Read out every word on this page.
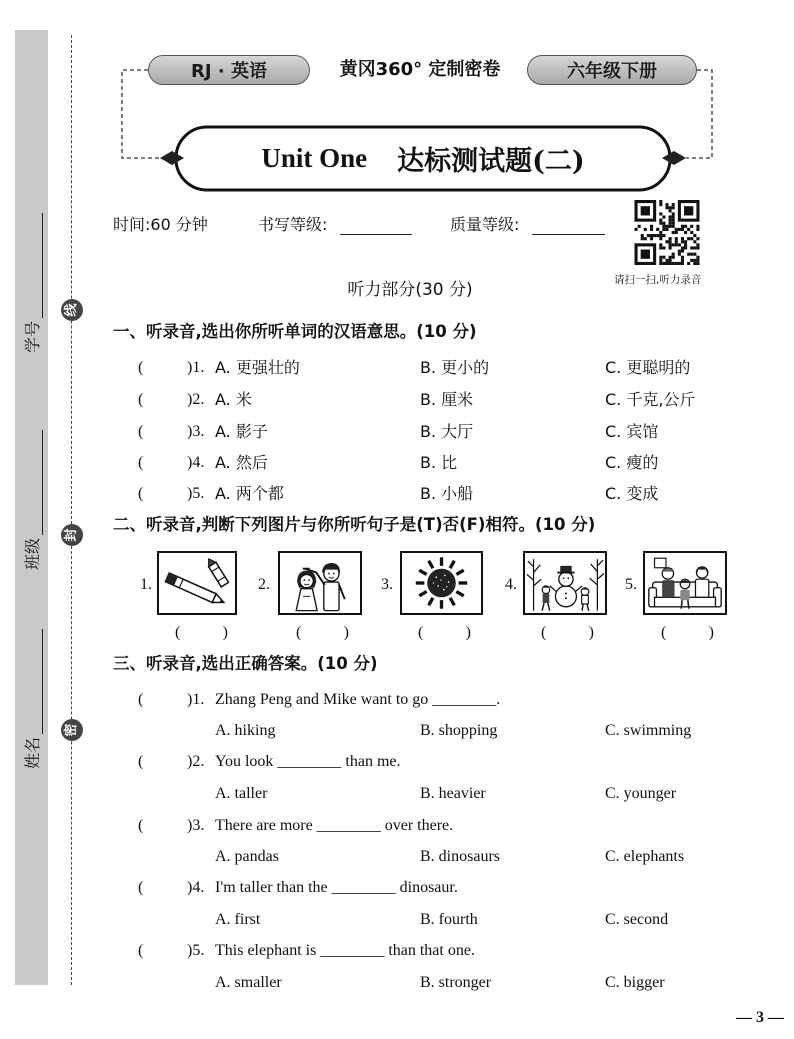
学号
班级
姓名
线
封
密
RJ · 英语	黄冈360° 定制密卷	六年级下册
Unit One 达标测试题(二)
时间:60 分钟	书写等级:	质量等级:
请扫一扫,听力录音
听力部分(30 分)
一、听录音,选出你所听单词的汉语意思。(10 分)
(	)1. A. 更强壮的	B. 更小的	C. 更聪明的
(	)2. A. 米	B. 厘米	C. 千克,公斤
(	)3. A. 影子	B. 大厅	C. 宾馆
(	)4. A. 然后	B. 比	C. 瘦的
(	)5. A. 两个都	B. 小船	C. 变成
二、听录音,判断下列图片与你所听句子是(T)否(F)相符。(10 分)
1.
(	)
2.
(	)
3.
(	)
4.
(	)
5.
(	)
三、听录音,选出正确答案。(10 分)
(	)1. Zhang Peng and Mike want to go ________.
A. hiking	B. shopping	C. swimming
(	)2. You look ________ than me.
A. taller	B. heavier	C. younger
(	)3. There are more ________ over there.
A. pandas	B. dinosaurs	C. elephants
(	)4. I'm taller than the ________ dinosaur.
A. first	B. fourth	C. second
(	)5. This elephant is ________ than that one.
A. smaller	B. stronger	C. bigger
— 3 —
